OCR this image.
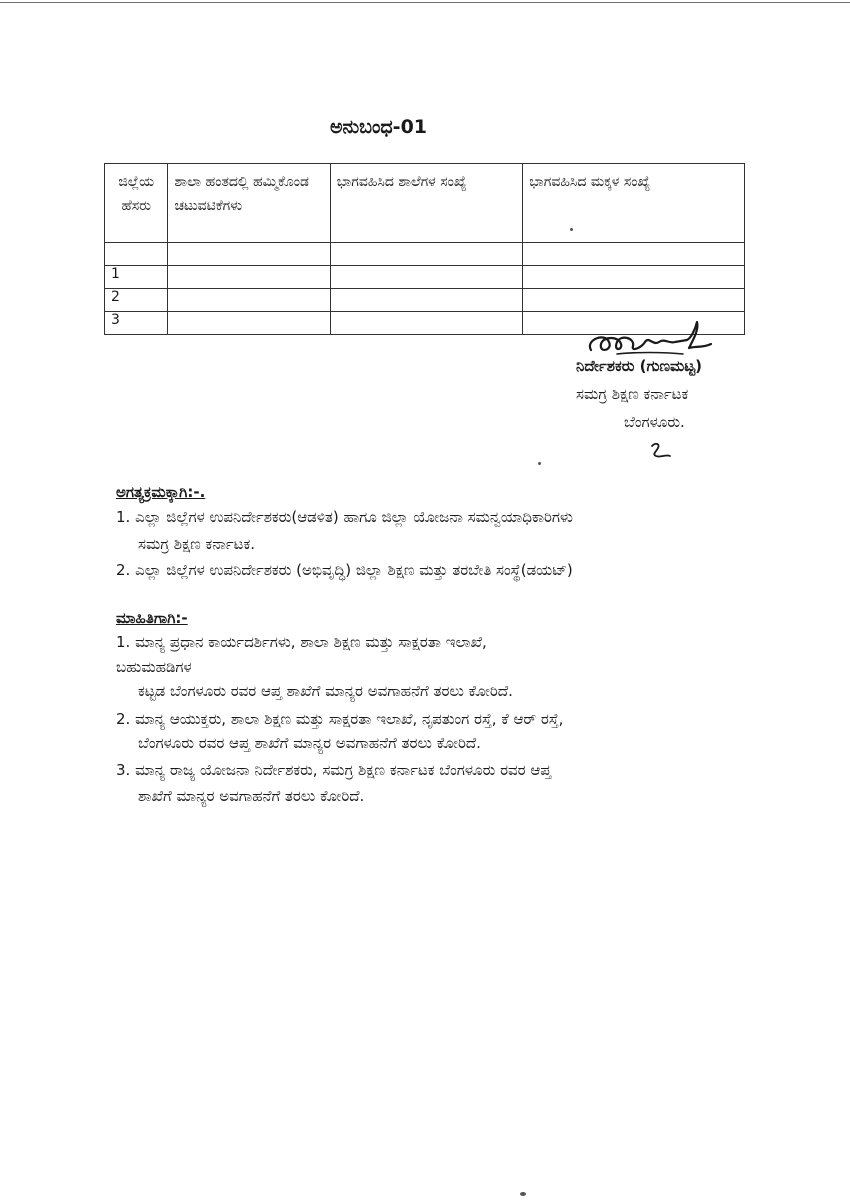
ಅನುಬಂಧ-01
ಜಿಲ್ಲೆಯ ಹೆಸರು	ಶಾಲಾ ಹಂತದಲ್ಲಿ ಹಮ್ಮಿಕೊಂಡ ಚಟುವಟಿಕೆಗಳು	ಭಾಗವಹಿಸಿದ ಶಾಲೆಗಳ ಸಂಖ್ಯೆ	ಭಾಗವಹಿಸಿದ ಮಕ್ಕಳ ಸಂಖ್ಯೆ

1			
2			
3			

ನಿರ್ದೇಶಕರು (ಗುಣಮಟ್ಟ)

ಸಮಗ್ರ ಶಿಕ್ಷಣ ಕರ್ನಾಟಕ

ಬೆಂಗಳೂರು.

ಅಗತ್ಯಕ್ರಮಕ್ಕಾಗಿ:-.

1. ಎಲ್ಲಾ ಜಿಲ್ಲೆಗಳ ಉಪನಿರ್ದೇಶಕರು(ಆಡಳಿತ) ಹಾಗೂ ಜಿಲ್ಲಾ ಯೋಜನಾ ಸಮನ್ವಯಾಧಿಕಾರಿಗಳು

ಸಮಗ್ರ ಶಿಕ್ಷಣ ಕರ್ನಾಟಕ.

2. ಎಲ್ಲಾ ಜಿಲ್ಲೆಗಳ ಉಪನಿರ್ದೇಶಕರು (ಅಭಿವೃದ್ಧಿ) ಜಿಲ್ಲಾ ಶಿಕ್ಷಣ ಮತ್ತು ತರಬೇತಿ ಸಂಸ್ಥೆ(ಡಯಟ್)

ಮಾಹಿತಿಗಾಗಿ:-

1. ಮಾನ್ಯ ಪ್ರಧಾನ ಕಾರ್ಯದರ್ಶಿಗಳು, ಶಾಲಾ ಶಿಕ್ಷಣ ಮತ್ತು ಸಾಕ್ಷರತಾ ಇಲಾಖೆ,

ಬಹುಮಹಡಿಗಳ

ಕಟ್ಟಡ ಬೆಂಗಳೂರು ರವರ ಆಪ್ತ ಶಾಖೆಗೆ ಮಾನ್ಯರ ಅವಗಾಹನೆಗೆ ತರಲು ಕೋರಿದೆ.

2. ಮಾನ್ಯ ಆಯುಕ್ತರು, ಶಾಲಾ ಶಿಕ್ಷಣ ಮತ್ತು ಸಾಕ್ಷರತಾ ಇಲಾಖೆ, ನೃಪತುಂಗ ರಸ್ತೆ, ಕೆ ಆರ್ ರಸ್ತೆ,

ಬೆಂಗಳೂರು ರವರ ಆಪ್ತ ಶಾಖೆಗೆ ಮಾನ್ಯರ ಅವಗಾಹನೆಗೆ ತರಲು ಕೋರಿದೆ.

3. ಮಾನ್ಯ ರಾಜ್ಯ ಯೋಜನಾ ನಿರ್ದೇಶಕರು, ಸಮಗ್ರ ಶಿಕ್ಷಣ ಕರ್ನಾಟಕ ಬೆಂಗಳೂರು ರವರ ಆಪ್ತ

ಶಾಖೆಗೆ ಮಾನ್ಯರ ಅವಗಾಹನೆಗೆ ತರಲು ಕೋರಿದೆ.
